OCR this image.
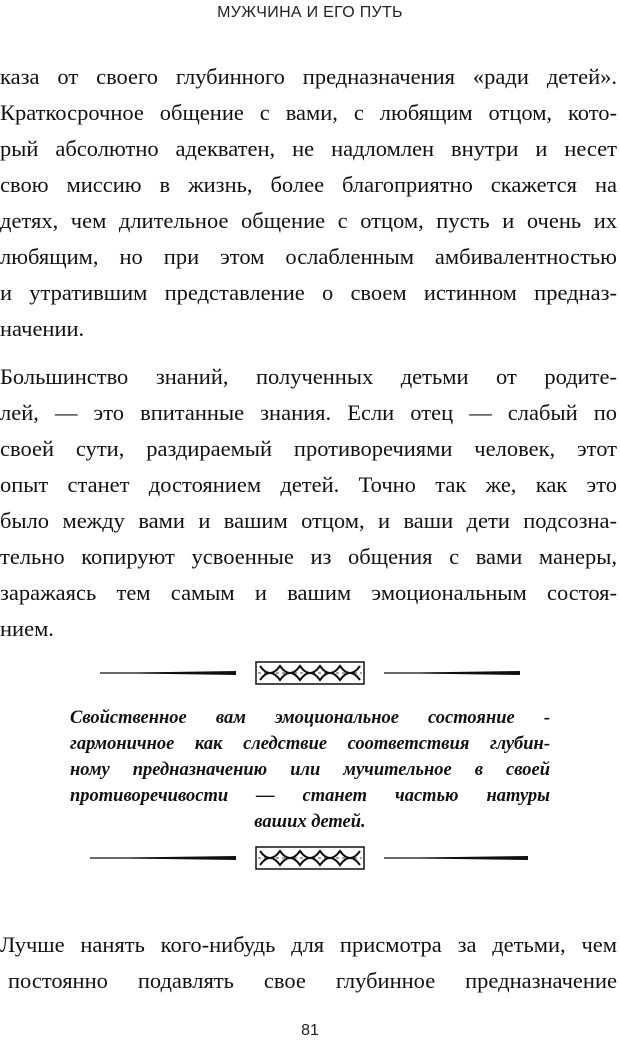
МУЖЧИНА И ЕГО ПУТЬ
каза от своего глубинного предназначения «ради детей».
Краткосрочное общение с вами, с любящим отцом, кото-
рый абсолютно адекватен, не надломлен внутри и несет
свою миссию в жизнь, более благоприятно скажется на
детях, чем длительное общение с отцом, пусть и очень их
любящим, но при этом ослабленным амбивалентностью
и утратившим представление о своем истинном предназ-
начении.
Большинство знаний, полученных детьми от родите-
лей, — это впитанные знания. Если отец — слабый по
своей сути, раздираемый противоречиями человек, этот
опыт станет достоянием детей. Точно так же, как это
было между вами и вашим отцом, и ваши дети подсозна-
тельно копируют усвоенные из общения с вами манеры,
заражаясь тем самым и вашим эмоциональным состоя-
нием.
Свойственное вам эмоциональное состояние -
гармоничное как следствие соответствия глубин-
ному предназначению или мучительное в своей
противоречивости — станет частью натуры
ваших детей.
Лучше нанять кого-нибудь для присмотра за детьми, чем
постоянно подавлять свое глубинное предназначение
81
